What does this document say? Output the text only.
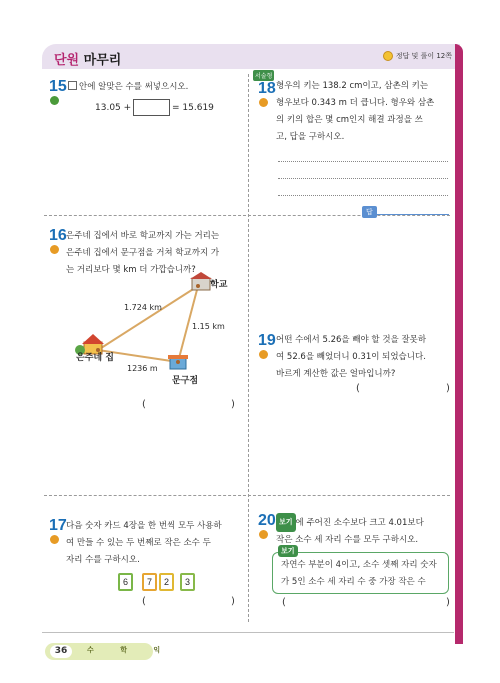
단원 마무리	정답 및 풀이 12쪽
15	안에 알맞은 수를 써넣으시오.
13.05 +	= 15.619
16 은주네 집에서 바로 학교까지 가는 거리는
은주네 집에서 문구점을 거쳐 학교까지 가
는 거리보다 몇 km 더 가깝습니까?
학교
은주네 집
문구점
1.724 km
1.15 km
1236 m
(	)
17 다음 숫자 카드 4장을 한 번씩 모두 사용하
여 만들 수 있는 두 번째로 작은 소수 두
자리 수를 구하시오.
6	7	2	3
(	)
서술형
18 형우의 키는 138.2 cm이고, 삼촌의 키는
형우보다 0.343 m 더 큽니다. 형우와 삼촌
의 키의 합은 몇 cm인지 해결 과정을 쓰
고, 답을 구하시오.
답
19 어떤 수에서 5.26을 빼야 할 것을 잘못하
여 52.6을 빼었더니 0.31이 되었습니다.
바르게 계산한 값은 얼마입니까?
(	)
20 보기 에 주어진 소수보다 크고 4.01보다
작은 소수 세 자리 수를 모두 구하시오.
보기
자연수 부분이 4이고, 소수 셋째 자리 숫자
가 5인 소수 세 자리 수 중 가장 작은 수
(	)
36	수 학 익
